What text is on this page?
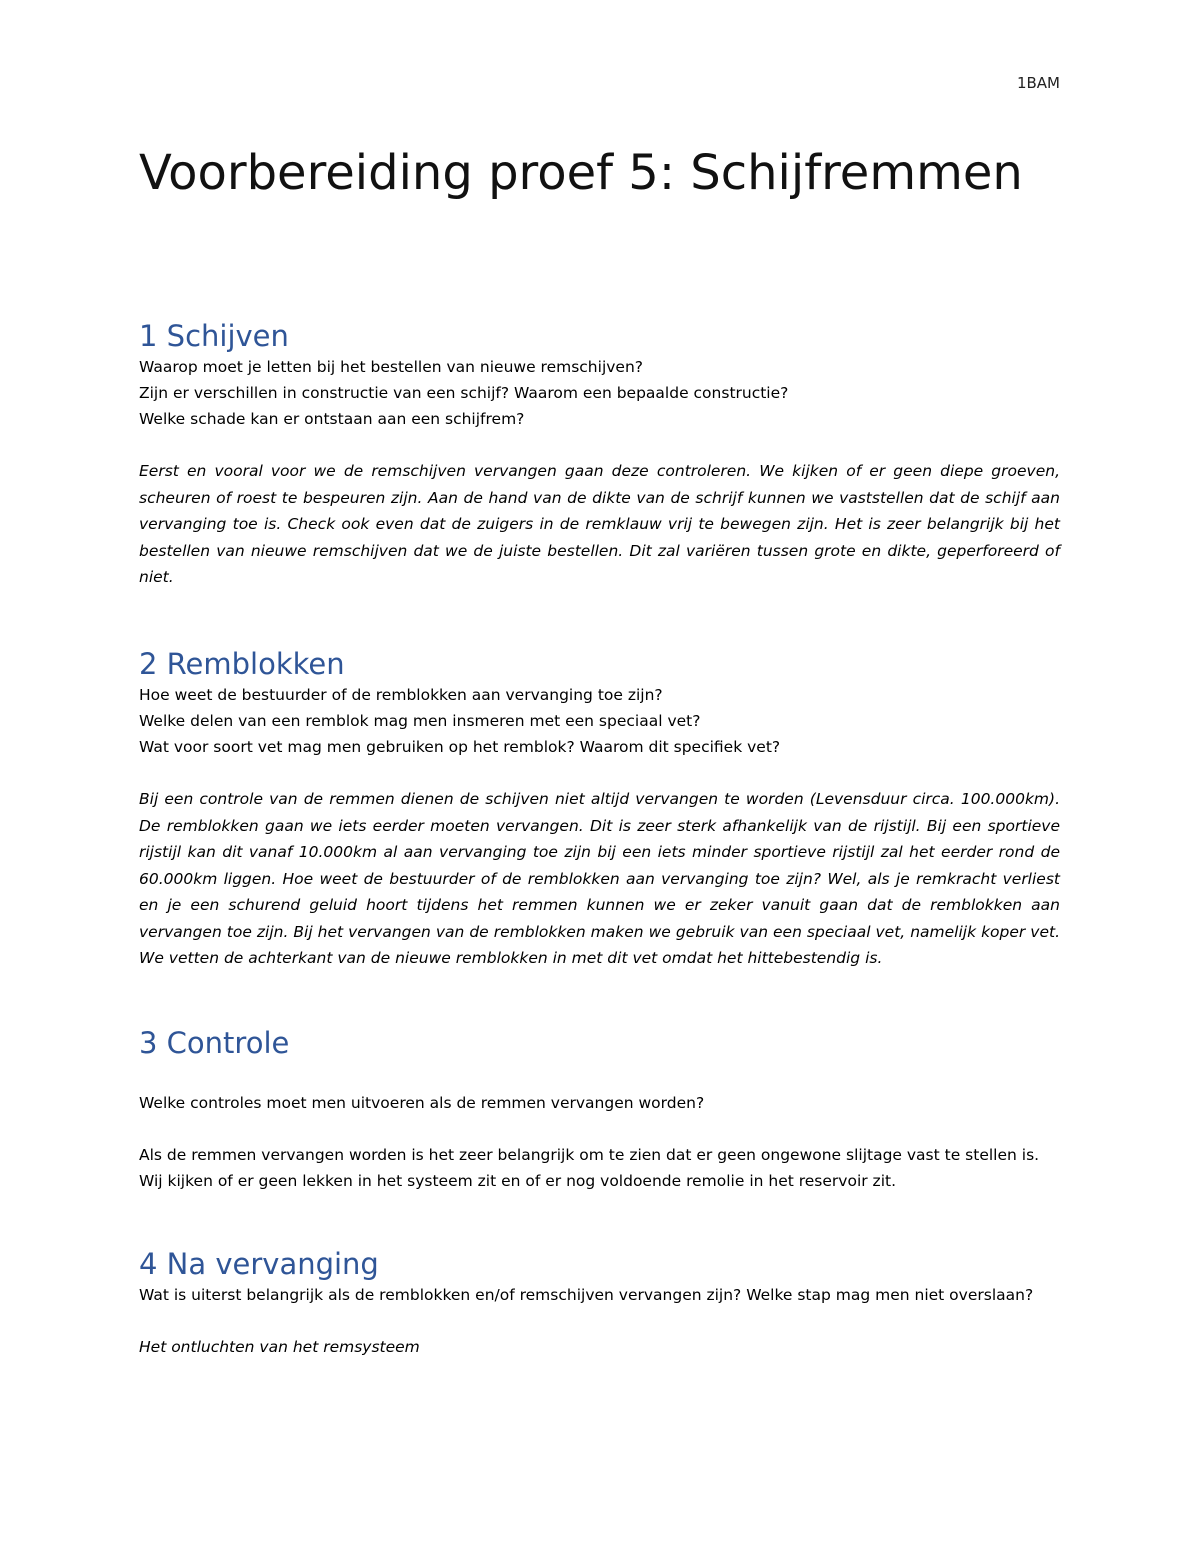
1BAM
Voorbereiding proef 5: Schijfremmen
1 Schijven

Waarop moet je letten bij het bestellen van nieuwe remschijven?

Zijn er verschillen in constructie van een schijf? Waarom een bepaalde constructie?

Welke schade kan er ontstaan aan een schijfrem?

Eerst en vooral voor we de remschijven vervangen gaan deze controleren. We kijken of er geen diepe groeven, scheuren of roest te bespeuren zijn. Aan de hand van de dikte van de schrijf kunnen we vaststellen dat de schijf aan vervanging toe is. Check ook even dat de zuigers in de remklauw vrij te bewegen zijn. Het is zeer belangrijk bij het bestellen van nieuwe remschijven dat we de juiste bestellen. Dit zal variëren tussen grote en dikte, geperforeerd of niet.

2 Remblokken

Hoe weet de bestuurder of de remblokken aan vervanging toe zijn?

Welke delen van een remblok mag men insmeren met een speciaal vet?

Wat voor soort vet mag men gebruiken op het remblok? Waarom dit specifiek vet?

Bij een controle van de remmen dienen de schijven niet altijd vervangen te worden (Levensduur circa. 100.000km). De remblokken gaan we iets eerder moeten vervangen. Dit is zeer sterk afhankelijk van de rijstijl. Bij een sportieve rijstijl kan dit vanaf 10.000km al aan vervanging toe zijn bij een iets minder sportieve rijstijl zal het eerder rond de 60.000km liggen. Hoe weet de bestuurder of de remblokken aan vervanging toe zijn? Wel, als je remkracht verliest en je een schurend geluid hoort tijdens het remmen kunnen we er zeker vanuit gaan dat de remblokken aan vervangen toe zijn. Bij het vervangen van de remblokken maken we gebruik van een speciaal vet, namelijk koper vet. We vetten de achterkant van de nieuwe remblokken in met dit vet omdat het hittebestendig is.

3 Controle

Welke controles moet men uitvoeren als de remmen vervangen worden?

Als de remmen vervangen worden is het zeer belangrijk om te zien dat er geen ongewone slijtage vast te stellen is. Wij kijken of er geen lekken in het systeem zit en of er nog voldoende remolie in het reservoir zit.

4 Na vervanging

Wat is uiterst belangrijk als de remblokken en/of remschijven vervangen zijn? Welke stap mag men niet overslaan?

Het ontluchten van het remsysteem
